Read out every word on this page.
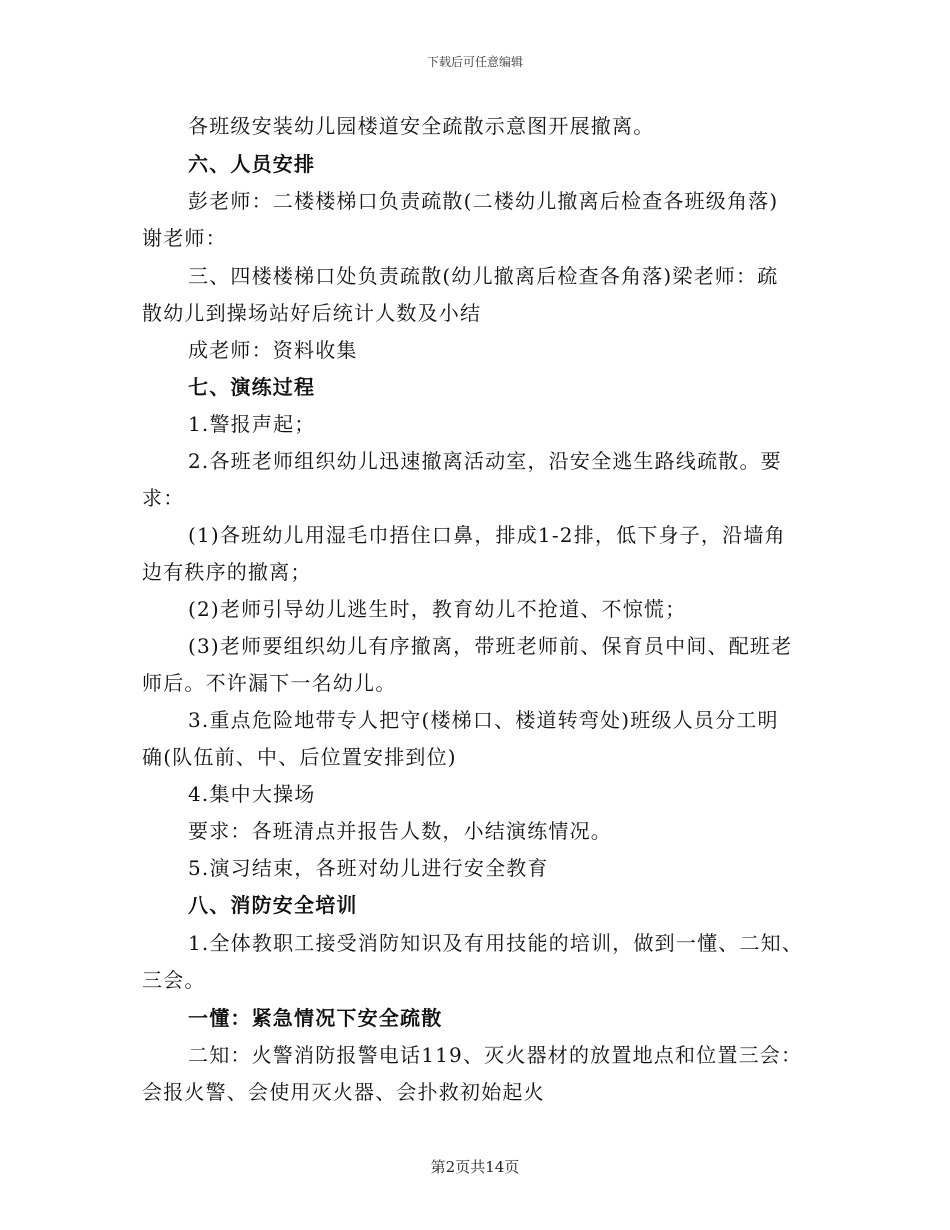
下载后可任意编辑
各班级安装幼儿园楼道安全疏散示意图开展撤离。
六、人员安排
彭老师：二楼楼梯口负责疏散(二楼幼儿撤离后检查各班级角落)
谢老师：
三、四楼楼梯口处负责疏散(幼儿撤离后检查各角落)梁老师：疏
散幼儿到操场站好后统计人数及小结
成老师：资料收集
七、演练过程
1.警报声起；
2.各班老师组织幼儿迅速撤离活动室，沿安全逃生路线疏散。要
求：
(1)各班幼儿用湿毛巾捂住口鼻，排成1-2排，低下身子，沿墙角
边有秩序的撤离；
(2)老师引导幼儿逃生时，教育幼儿不抢道、不惊慌；
(3)老师要组织幼儿有序撤离，带班老师前、保育员中间、配班老
师后。不许漏下一名幼儿。
3.重点危险地带专人把守(楼梯口、楼道转弯处)班级人员分工明
确(队伍前、中、后位置安排到位)
4.集中大操场
要求：各班清点并报告人数，小结演练情况。
5.演习结束，各班对幼儿进行安全教育
八、消防安全培训
1.全体教职工接受消防知识及有用技能的培训，做到一懂、二知、
三会。
一懂：紧急情况下安全疏散
二知：火警消防报警电话119、灭火器材的放置地点和位置三会：
会报火警、会使用灭火器、会扑救初始起火
第2页共14页
